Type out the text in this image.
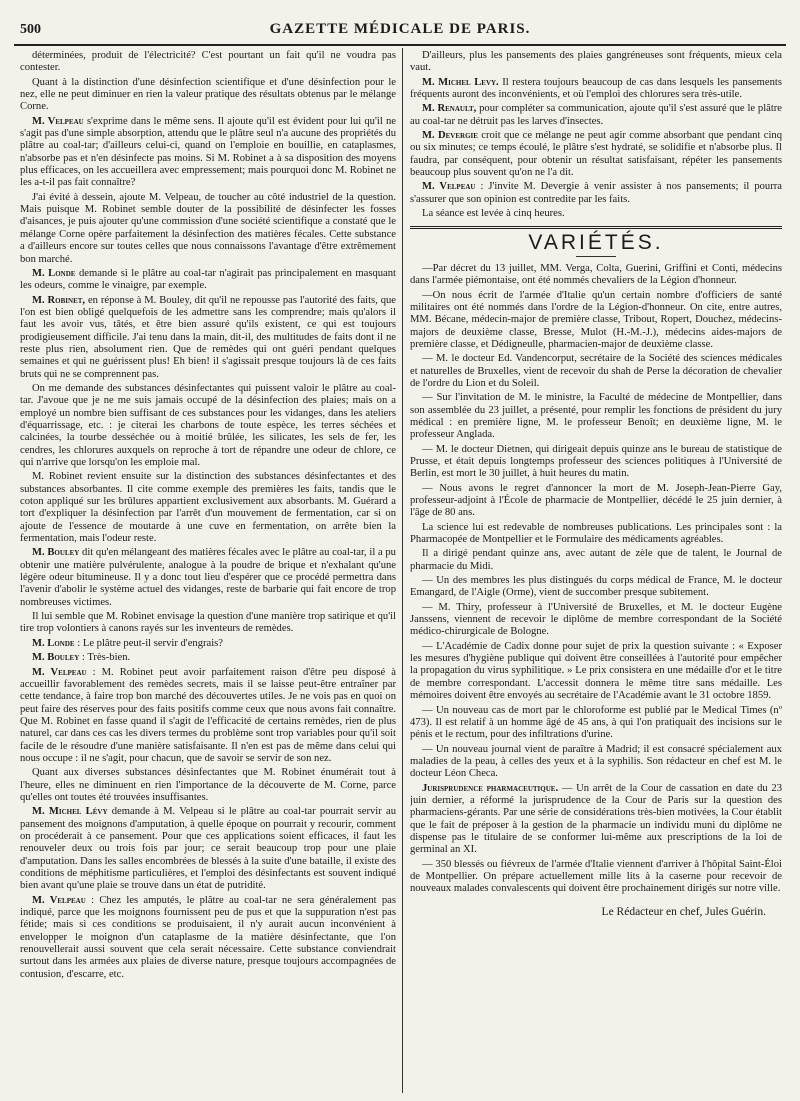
500	GAZETTE MÉDICALE DE PARIS.

déterminées, produit de l'électricité? C'est pourtant un fait qu'il ne voudra pas contester.

Quant à la distinction d'une désinfection scientifique et d'une désinfection pour le nez, elle ne peut diminuer en rien la valeur pratique des résultats obtenus par le mélange Corne.

M. Velpeau s'exprime dans le même sens. Il ajoute qu'il est évident pour lui qu'il ne s'agit pas d'une simple absorption, attendu que le plâtre seul n'a aucune des propriétés du plâtre au coal-tar; d'ailleurs celui-ci, quand on l'emploie en bouillie, en cataplasmes, n'absorbe pas et n'en désinfecte pas moins. Si M. Robinet a à sa disposition des moyens plus efficaces, on les accueillera avec empressement; mais pourquoi donc M. Robinet ne les a-t-il pas fait connaître?

J'ai évité à dessein, ajoute M. Velpeau, de toucher au côté industriel de la question. Mais puisque M. Robinet semble douter de la possibilité de désinfecter les fosses d'aisances, je puis ajouter qu'une commission d'une société scientifique a constaté que le mélange Corne opère parfaitement la désinfection des matières fécales. Cette substance a d'ailleurs encore sur toutes celles que nous connaissons l'avantage d'être extrêmement bon marché.

M. Londe demande si le plâtre au coal-tar n'agirait pas principalement en masquant les odeurs, comme le vinaigre, par exemple.

M. Robinet, en réponse à M. Bouley, dit qu'il ne repousse pas l'autorité des faits, que l'on est bien obligé quelquefois de les admettre sans les comprendre; mais qu'alors il faut les avoir vus, tâtés, et être bien assuré qu'ils existent, ce qui est toujours prodigieusement difficile. J'ai tenu dans la main, dit-il, des multitudes de faits dont il ne reste plus rien, absolument rien. Que de remèdes qui ont guéri pendant quelques semaines et qui ne guérissent plus! Eh bien! il s'agissait presque toujours là de ces faits bruts qui ne se comprennent pas.

On me demande des substances désinfectantes qui puissent valoir le plâtre au coal-tar. J'avoue que je ne me suis jamais occupé de la désinfection des plaies; mais on a employé un nombre bien suffisant de ces substances pour les vidanges, dans les ateliers d'équarrissage, etc. : je citerai les charbons de toute espèce, les terres séchées et calcinées, la tourbe desséchée ou à moitié brûlée, les silicates, les sels de fer, les cendres, les chlorures auxquels on reproche à tort de répandre une odeur de chlore, ce qui n'arrive que lorsqu'on les emploie mal.

M. Robinet revient ensuite sur la distinction des substances désinfectantes et des substances absorbantes. Il cite comme exemple des premières les faits, tandis que le coton appliqué sur les brûlures appartient exclusivement aux absorbants. M. Guérard a tort d'expliquer la désinfection par l'arrêt d'un mouvement de fermentation, car si on ajoute de l'essence de moutarde à une cuve en fermentation, on arrête bien la fermentation, mais l'odeur reste.

M. Bouley dit qu'en mélangeant des matières fécales avec le plâtre au coal-tar, il a pu obtenir une matière pulvérulente, analogue à la poudre de brique et n'exhalant qu'une légère odeur bitumineuse. Il y a donc tout lieu d'espérer que ce procédé permettra dans l'avenir d'abolir le système actuel des vidanges, reste de barbarie qui fait encore de trop nombreuses victimes.

Il lui semble que M. Robinet envisage la question d'une manière trop satirique et qu'il tire trop volontiers à canons rayés sur les inventeurs de remèdes.

M. Londe : Le plâtre peut-il servir d'engrais?

M. Bouley : Très-bien.

M. Velpeau : M. Robinet peut avoir parfaitement raison d'être peu disposé à accueillir favorablement des remèdes secrets, mais il se laisse peut-être entraîner par cette tendance, à faire trop bon marché des découvertes utiles. Je ne vois pas en quoi on peut faire des réserves pour des faits positifs comme ceux que nous avons fait connaître. Que M. Robinet en fasse quand il s'agit de l'efficacité de certains remèdes, rien de plus naturel, car dans ces cas les divers termes du problème sont trop variables pour qu'il soit facile de le résoudre d'une manière satisfaisante. Il n'en est pas de même dans celui qui nous occupe : il ne s'agit, pour chacun, que de savoir se servir de son nez.

Quant aux diverses substances désinfectantes que M. Robinet énumérait tout à l'heure, elles ne diminuent en rien l'importance de la découverte de M. Corne, parce qu'elles ont toutes été trouvées insuffisantes.

M. Michel Lévy demande à M. Velpeau si le plâtre au coal-tar pourrait servir au pansement des moignons d'amputation, à quelle époque on pourrait y recourir, comment on procéderait à ce pansement. Pour que ces applications soient efficaces, il faut les renouveler deux ou trois fois par jour; ce serait beaucoup trop pour une plaie d'amputation. Dans les salles encombrées de blessés à la suite d'une bataille, il existe des conditions de méphitisme particulières, et l'emploi des désinfectants est souvent indiqué bien avant qu'une plaie se trouve dans un état de putridité.

M. Velpeau : Chez les amputés, le plâtre au coal-tar ne sera généralement pas indiqué, parce que les moignons fournissent peu de pus et que la suppuration n'est pas fétide; mais si ces conditions se produisaient, il n'y aurait aucun inconvénient à envelopper le moignon d'un cataplasme de la matière désinfectante, que l'on renouvellerait aussi souvent que cela serait nécessaire. Cette substance conviendrait surtout dans les armées aux plaies de diverse nature, presque toujours accompagnées de contusion, d'escarre, etc.

D'ailleurs, plus les pansements des plaies gangréneuses sont fréquents, mieux cela vaut.

M. Michel Levy. Il restera toujours beaucoup de cas dans lesquels les pansements fréquents auront des inconvénients, et où l'emploi des chlorures sera très-utile.

M. Renault, pour compléter sa communication, ajoute qu'il s'est assuré que le plâtre au coal-tar ne détruit pas les larves d'insectes.

M. Devergie croit que ce mélange ne peut agir comme absorbant que pendant cinq ou six minutes; ce temps écoulé, le plâtre s'est hydraté, se solidifie et n'absorbe plus. Il faudra, par conséquent, pour obtenir un résultat satisfaisant, répéter les pansements beaucoup plus souvent qu'on ne l'a dit.

M. Velpeau : J'invite M. Devergie à venir assister à nos pansements; il pourra s'assurer que son opinion est contredite par les faits.

La séance est levée à cinq heures.

VARIÉTÉS.

—Par décret du 13 juillet, MM. Verga, Colta, Guerini, Griffini et Conti, médecins dans l'armée piémontaise, ont été nommés chevaliers de la Légion d'honneur.

—On nous écrit de l'armée d'Italie qu'un certain nombre d'officiers de santé militaires ont été nommés dans l'ordre de la Légion-d'honneur. On cite, entre autres, MM. Bécane, médecin-major de première classe, Tribout, Ropert, Douchez, médecins-majors de deuxième classe, Bresse, Mulot (H.-M.-J.), médecins aides-majors de première classe, et Dédigneulle, pharmacien-major de deuxième classe.

— M. le docteur Ed. Vandencorput, secrétaire de la Société des sciences médicales et naturelles de Bruxelles, vient de recevoir du shah de Perse la décoration de chevalier de l'ordre du Lion et du Soleil.

— Sur l'invitation de M. le ministre, la Faculté de médecine de Montpellier, dans son assemblée du 23 juillet, a présenté, pour remplir les fonctions de président du jury médical : en première ligne, M. le professeur Benoît; en deuxième ligne, M. le professeur Anglada.

— M. le docteur Dietnen, qui dirigeait depuis quinze ans le bureau de statistique de Prusse, et était depuis longtemps professeur des sciences politiques à l'Université de Berlin, est mort le 30 juillet, à huit heures du matin.

— Nous avons le regret d'annoncer la mort de M. Joseph-Jean-Pierre Gay, professeur-adjoint à l'École de pharmacie de Montpellier, décédé le 25 juin dernier, à l'âge de 80 ans.

La science lui est redevable de nombreuses publications. Les principales sont : la Pharmacopée de Montpellier et le Formulaire des médicaments agréables.

Il a dirigé pendant quinze ans, avec autant de zèle que de talent, le Journal de pharmacie du Midi.

— Un des membres les plus distingués du corps médical de France, M. le docteur Emangard, de l'Aigle (Orme), vient de succomber presque subitement.

— M. Thiry, professeur à l'Université de Bruxelles, et M. le docteur Eugène Janssens, viennent de recevoir le diplôme de membre correspondant de la Société médico-chirurgicale de Bologne.

— L'Académie de Cadix donne pour sujet de prix la question suivante : « Exposer les mesures d'hygiène publique qui doivent être conseillées à l'autorité pour empêcher la propagation du virus syphilitique. » Le prix consistera en une médaille d'or et le titre de membre correspondant. L'accessit donnera le même titre sans médaille. Les mémoires doivent être envoyés au secrétaire de l'Académie avant le 31 octobre 1859.

— Un nouveau cas de mort par le chloroforme est publié par le Medical Times (nº 473). Il est relatif à un homme âgé de 45 ans, à qui l'on pratiquait des incisions sur le pénis et le rectum, pour des infiltrations d'urine.

— Un nouveau journal vient de paraître à Madrid; il est consacré spécialement aux maladies de la peau, à celles des yeux et à la syphilis. Son rédacteur en chef est M. le docteur Léon Checa.

Jurisprudence pharmaceutique. — Un arrêt de la Cour de cassation en date du 23 juin dernier, a réformé la jurisprudence de la Cour de Paris sur la question des pharmaciens-gérants. Par une série de considérations très-bien motivées, la Cour établit que le fait de préposer à la gestion de la pharmacie un individu muni du diplôme ne dispense pas le titulaire de se conformer lui-même aux prescriptions de la loi de germinal an XI.

— 350 blessés ou fiévreux de l'armée d'Italie viennent d'arriver à l'hôpital Saint-Éloi de Montpellier. On prépare actuellement mille lits à la caserne pour recevoir de nouveaux malades convalescents qui doivent être prochainement dirigés sur notre ville.

Le Rédacteur en chef, Jules Guérin.
